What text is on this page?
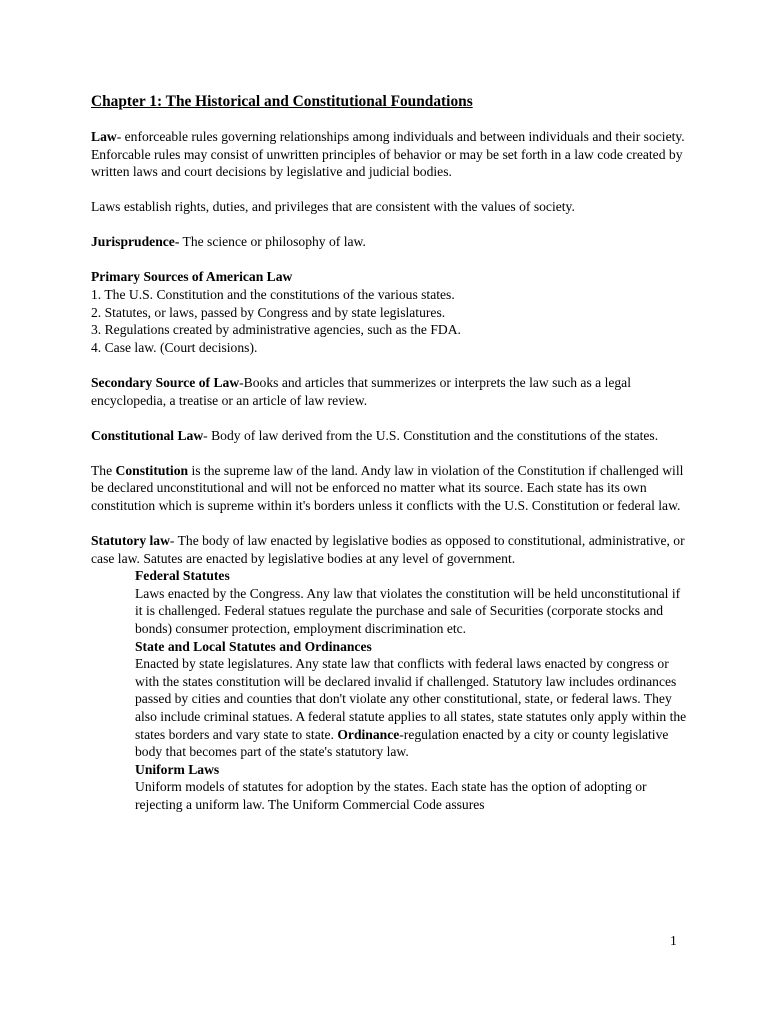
Chapter 1: The Historical and Constitutional Foundations

Law- enforceable rules governing relationships among individuals and between individuals and their society. Enforcable rules may consist of unwritten principles of behavior or may be set forth in a law code created by written laws and court decisions by legislative and judicial bodies.

Laws establish rights, duties, and privileges that are consistent with the values of society.

Jurisprudence- The science or philosophy of law.

Primary Sources of American Law
1. The U.S. Constitution and the constitutions of the various states.
2. Statutes, or laws, passed by Congress and by state legislatures.
3. Regulations created by administrative agencies, such as the FDA.
4. Case law. (Court decisions).

Secondary Source of Law-Books and articles that summerizes or interprets the law such as a legal encyclopedia, a treatise or an article of law review.

Constitutional Law- Body of law derived from the U.S. Constitution and the constitutions of the states.

The Constitution is the supreme law of the land. Andy law in violation of the Constitution if challenged will be declared unconstitutional and will not be enforced no matter what its source. Each state has its own constitution which is supreme within it's borders unless it conflicts with the U.S. Constitution or federal law.

Statutory law- The body of law enacted by legislative bodies as opposed to constitutional, administrative, or case law. Satutes are enacted by legislative bodies at any level of government.

Federal Statutes
Laws enacted by the Congress. Any law that violates the constitution will be held unconstitutional if it is challenged. Federal statues regulate the purchase and sale of Securities (corporate stocks and bonds) consumer protection, employment discrimination etc.
State and Local Statutes and Ordinances
Enacted by state legislatures. Any state law that conflicts with federal laws enacted by congress or with the states constitution will be declared invalid if challenged. Statutory law includes ordinances passed by cities and counties that don't violate any other constitutional, state, or federal laws. They also include criminal statues. A federal statute applies to all states, state statutes only apply within the states borders and vary state to state. Ordinance-regulation enacted by a city or county legislative body that becomes part of the state's statutory law.
Uniform Laws
Uniform models of statutes for adoption by the states. Each state has the option of adopting or rejecting a uniform law. The Uniform Commercial Code assures
1
